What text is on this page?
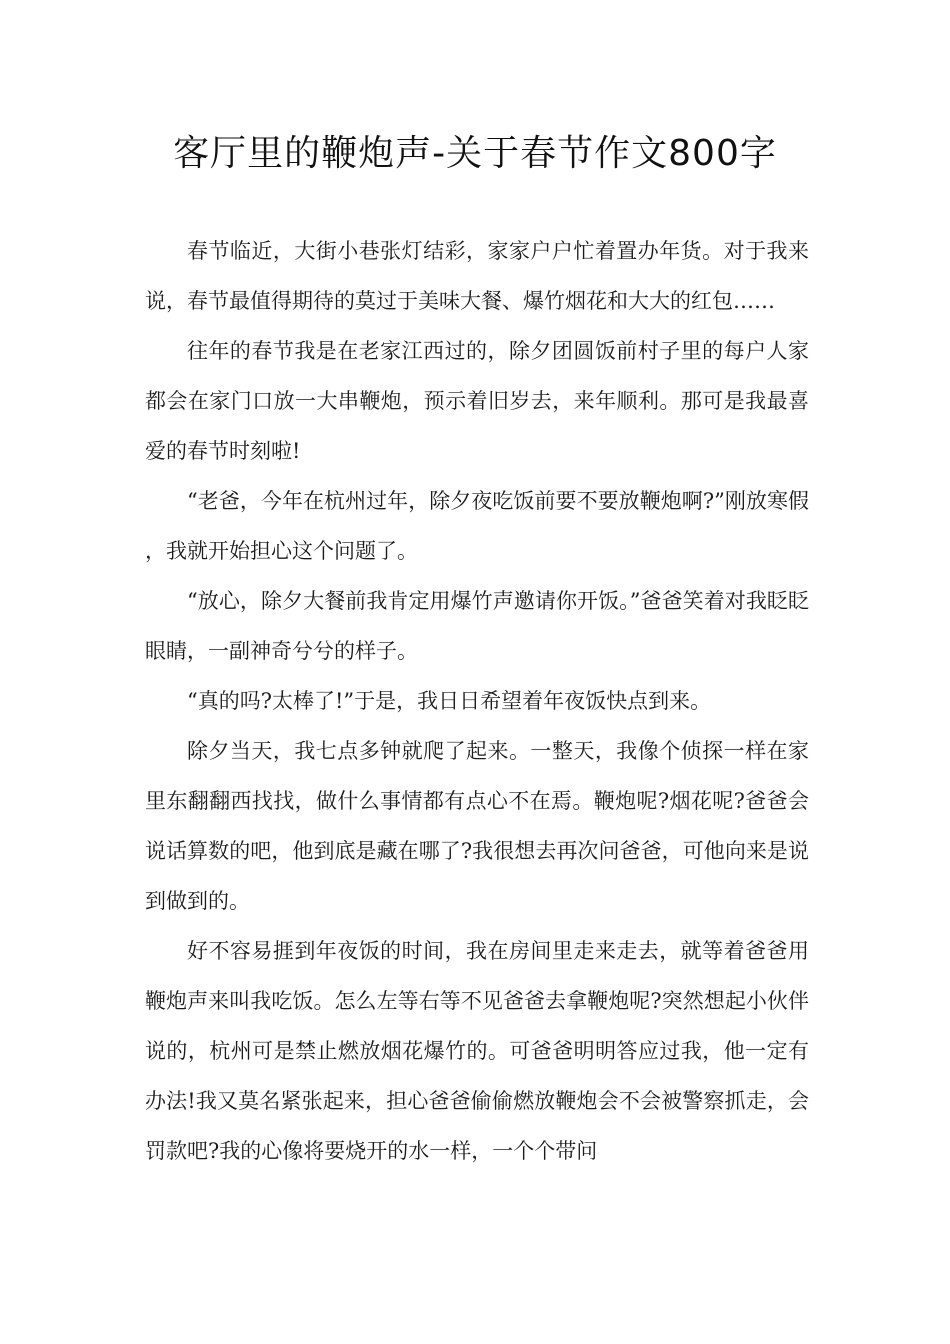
客厅里的鞭炮声-关于春节作文800字

春节临近，大街小巷张灯结彩，家家户户忙着置办年货。对于我来说，春节最值得期待的莫过于美味大餐、爆竹烟花和大大的红包……

往年的春节我是在老家江西过的，除夕团圆饭前村子里的每户人家都会在家门口放一大串鞭炮，预示着旧岁去，来年顺利。那可是我最喜爱的春节时刻啦!

“老爸，今年在杭州过年，除夕夜吃饭前要不要放鞭炮啊?”刚放寒假，我就开始担心这个问题了。

“放心，除夕大餐前我肯定用爆竹声邀请你开饭。”爸爸笑着对我眨眨眼睛，一副神奇兮兮的样子。

“真的吗?太棒了!”于是，我日日希望着年夜饭快点到来。

除夕当天，我七点多钟就爬了起来。一整天，我像个侦探一样在家里东翻翻西找找，做什么事情都有点心不在焉。鞭炮呢?烟花呢?爸爸会说话算数的吧，他到底是藏在哪了?我很想去再次问爸爸，可他向来是说到做到的。

好不容易捱到年夜饭的时间，我在房间里走来走去，就等着爸爸用鞭炮声来叫我吃饭。怎么左等右等不见爸爸去拿鞭炮呢?突然想起小伙伴说的，杭州可是禁止燃放烟花爆竹的。可爸爸明明答应过我，他一定有办法!我又莫名紧张起来，担心爸爸偷偷燃放鞭炮会不会被警察抓走，会罚款吧?我的心像将要烧开的水一样，一个个带问
